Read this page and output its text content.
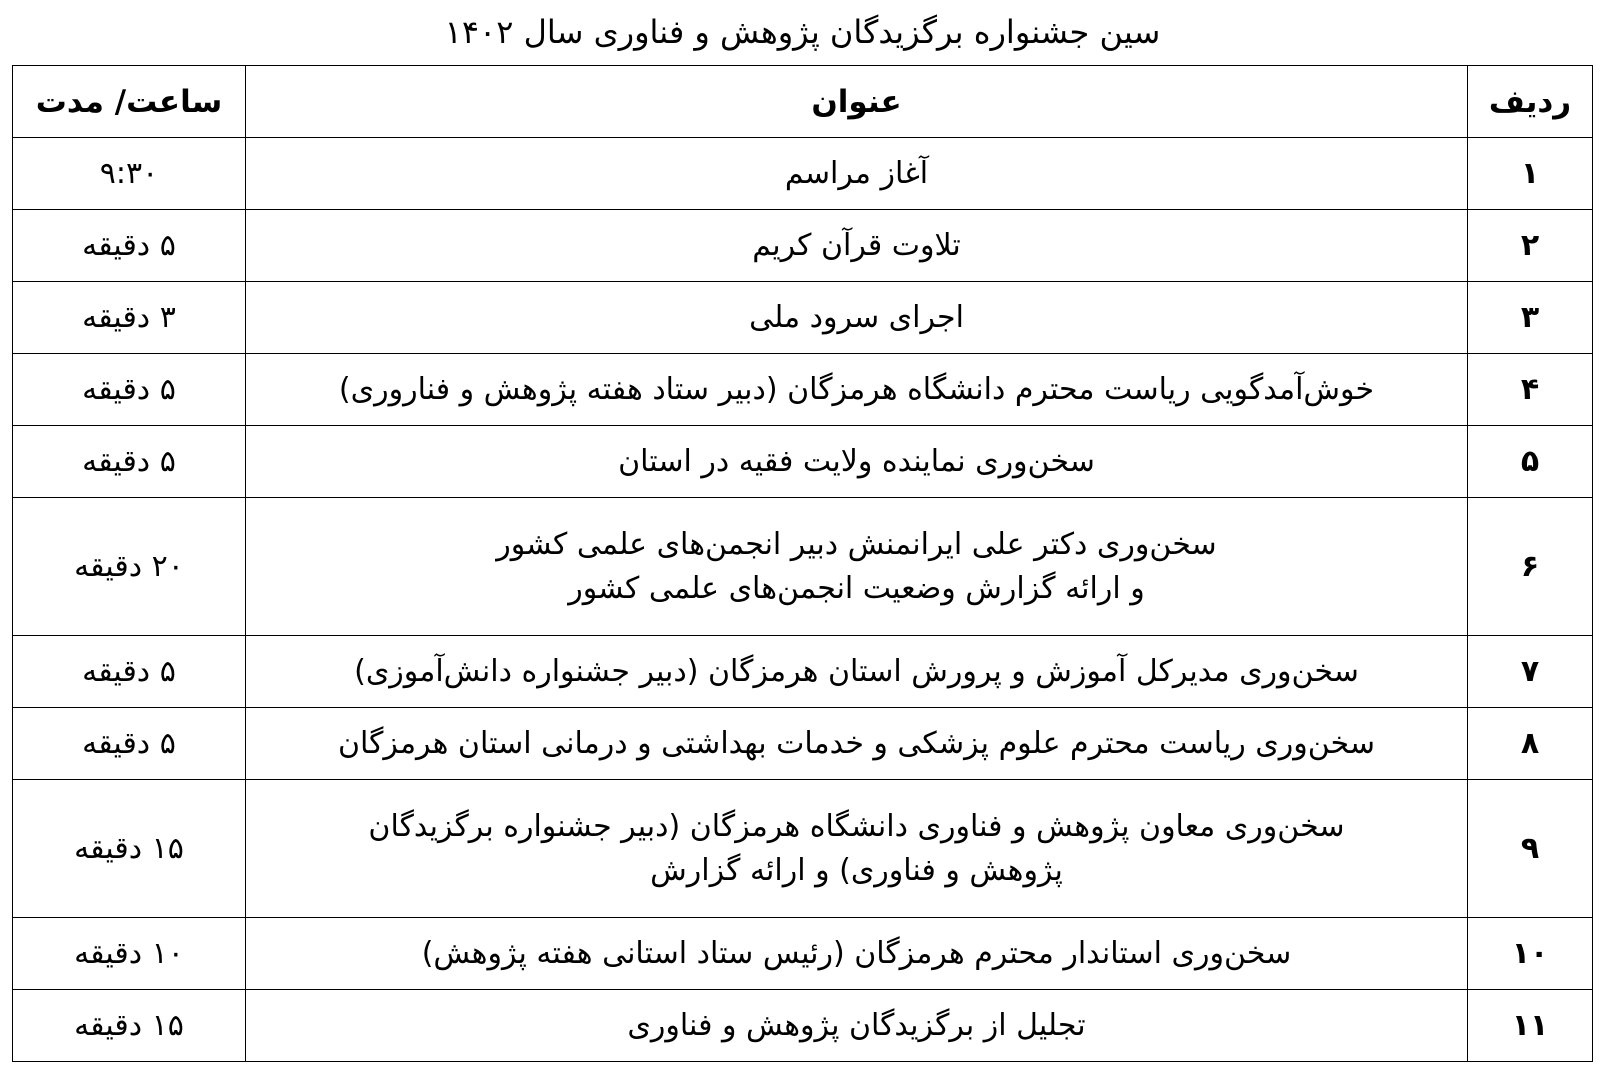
سین جشنواره برگزیدگان پژوهش و فناوری سال ۱۴۰۲
ردیف	عنوان	ساعت/ مدت
۱	آغاز مراسم	۹:۳۰
۲	تلاوت قرآن کریم	۵ دقیقه
۳	اجرای سرود ملی	۳ دقیقه
۴	خوش‌آمدگویی ریاست محترم دانشگاه هرمزگان (دبیر ستاد هفته پژوهش و فناروری)	۵ دقیقه
۵	سخن‌وری نماینده ولایت فقیه در استان	۵ دقیقه
۶	سخن‌وری دکتر علی ایرانمنش دبیر انجمن‌های علمی کشور
و ارائه گزارش وضعیت انجمن‌های علمی کشور	۲۰ دقیقه
۷	سخن‌وری مدیرکل آموزش و پرورش استان هرمزگان (دبیر جشنواره دانش‌آموزی)	۵ دقیقه
۸	سخن‌وری ریاست محترم علوم پزشکی و خدمات بهداشتی و درمانی استان هرمزگان	۵ دقیقه
۹	سخن‌وری معاون پژوهش و فناوری دانشگاه هرمزگان (دبیر جشنواره برگزیدگان
پژوهش و فناوری) و ارائه گزارش	۱۵ دقیقه
۱۰	سخن‌وری استاندار محترم هرمزگان (رئیس ستاد استانی هفته پژوهش)	۱۰ دقیقه
۱۱	تجلیل از برگزیدگان پژوهش و فناوری	۱۵ دقیقه
